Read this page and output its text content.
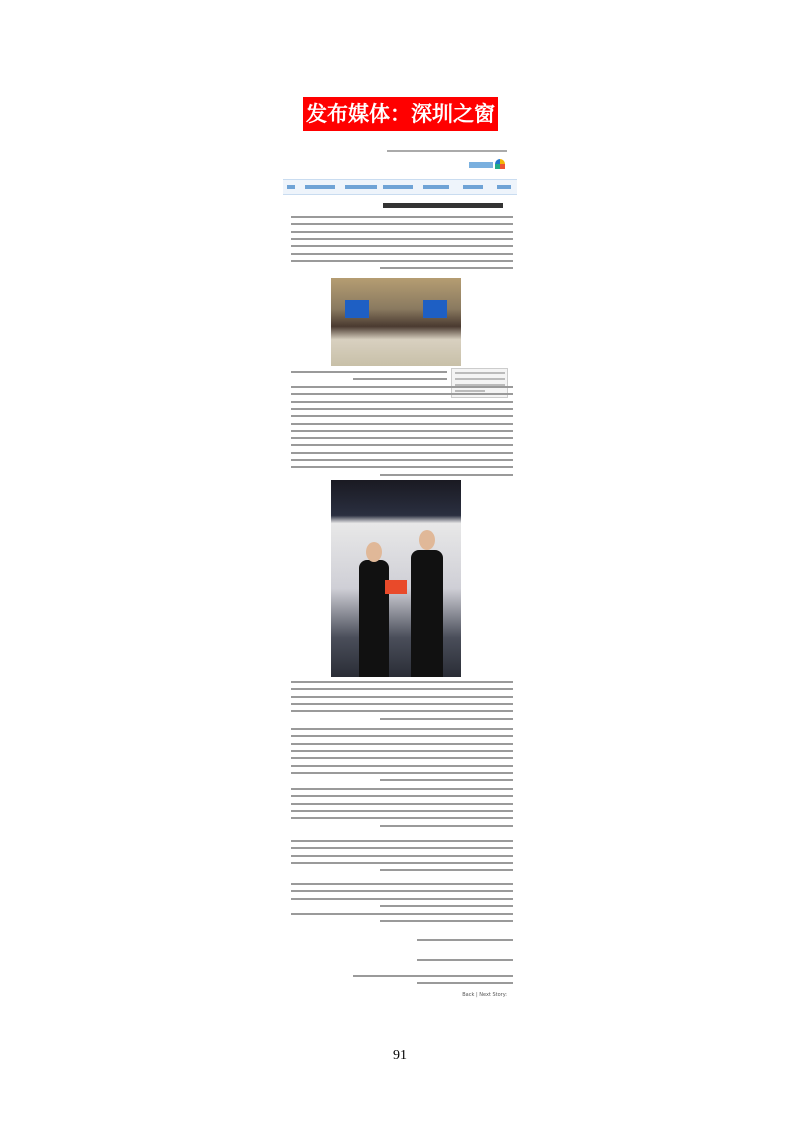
发布媒体：深圳之窗
Back | Next Story:
91
